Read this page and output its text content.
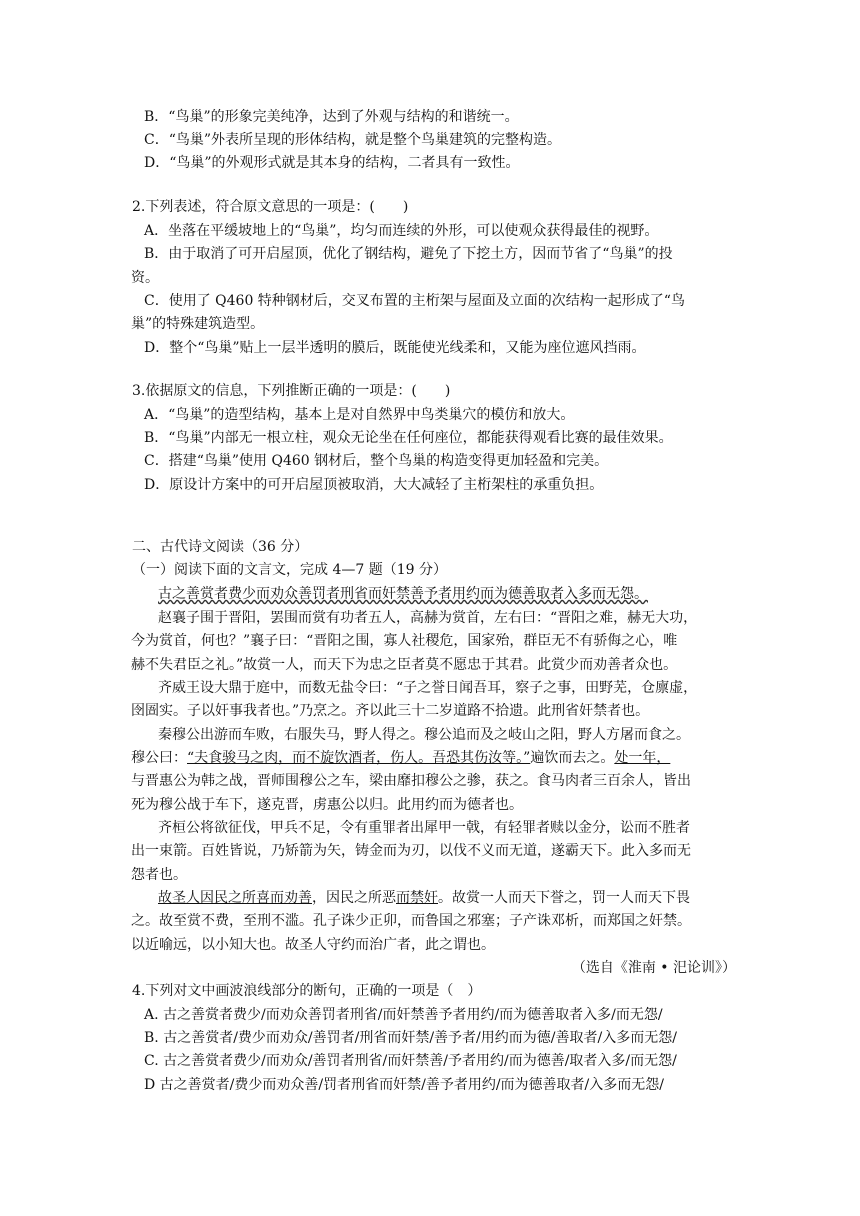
B．“鸟巢”的形象完美纯净，达到了外观与结构的和谐统一。
C．“鸟巢”外表所呈现的形体结构，就是整个鸟巢建筑的完整构造。
D．“鸟巢”的外观形式就是其本身的结构，二者具有一致性。
2.下列表述，符合原文意思的一项是：(　　)
A．坐落在平缓坡地上的“鸟巢”，均匀而连续的外形，可以使观众获得最佳的视野。
B．由于取消了可开启屋顶，优化了钢结构，避免了下挖土方，因而节省了“鸟巢”的投
资。
C．使用了 Q460 特种钢材后，交叉布置的主桁架与屋面及立面的次结构一起形成了“鸟
巢”的特殊建筑造型。
D．整个“鸟巢”贴上一层半透明的膜后，既能使光线柔和，又能为座位遮风挡雨。
3.依据原文的信息，下列推断正确的一项是：(　　)
A．“鸟巢”的造型结构，基本上是对自然界中鸟类巢穴的模仿和放大。
B．“鸟巢”内部无一根立柱，观众无论坐在任何座位，都能获得观看比赛的最佳效果。
C．搭建“鸟巢”使用 Q460 钢材后，整个鸟巢的构造变得更加轻盈和完美。
D．原设计方案中的可开启屋顶被取消，大大减轻了主桁架柱的承重负担。
二、古代诗文阅读（36 分）
（一）阅读下面的文言文，完成 4—7 题（19 分）
古之善赏者费少而劝众善罚者刑省而奸禁善予者用约而为德善取者入多而无怨。
赵襄子围于晋阳，罢围而赏有功者五人，高赫为赏首，左右曰：“晋阳之难，赫无大功，
今为赏首，何也？”襄子曰：“晋阳之围，寡人社稷危，国家殆，群臣无不有骄侮之心，唯
赫不失君臣之礼。”故赏一人，而天下为忠之臣者莫不愿忠于其君。此赏少而劝善者众也。
齐威王设大鼎于庭中，而数无盐令曰：“子之誉日闻吾耳，察子之事，田野芜，仓廪虚，
囹圄实。子以奸事我者也。”乃烹之。齐以此三十二岁道路不拾遗。此刑省奸禁者也。
秦穆公出游而车败，右服失马，野人得之。穆公追而及之岐山之阳，野人方屠而食之。
穆公曰：“夫食骏马之肉，而不旋饮酒者，伤人。吾恐其伤汝等。”遍饮而去之。处一年，
与晋惠公为韩之战，晋师围穆公之车，梁由靡扣穆公之骖，获之。食马肉者三百余人，皆出
死为穆公战于车下，遂克晋，虏惠公以归。此用约而为德者也。
齐桓公将欲征伐，甲兵不足，令有重罪者出犀甲一戟，有轻罪者赎以金分，讼而不胜者
出一束箭。百姓皆说，乃矫箭为矢，铸金而为刃，以伐不义而无道，遂霸天下。此入多而无
怨者也。
故圣人因民之所喜而劝善，因民之所恶而禁奸。故赏一人而天下誉之，罚一人而天下畏
之。故至赏不费，至刑不滥。孔子诛少正卯，而鲁国之邪塞；子产诛邓析，而郑国之奸禁。
以近喻远，以小知大也。故圣人守约而治广者，此之谓也。
（选自《淮南 • 汜论训》）
4.下列对文中画波浪线部分的断句，正确的一项是（　）
A. 古之善赏者费少/而劝众善罚者刑省/而奸禁善予者用约/而为德善取者入多/而无怨/
B. 古之善赏者/费少而劝众/善罚者/刑省而奸禁/善予者/用约而为德/善取者/入多而无怨/
C. 古之善赏者费少/而劝众/善罚者刑省/而奸禁善/予者用约/而为德善/取者入多/而无怨/
D 古之善赏者/费少而劝众善/罚者刑省而奸禁/善予者用约/而为德善取者/入多而无怨/
